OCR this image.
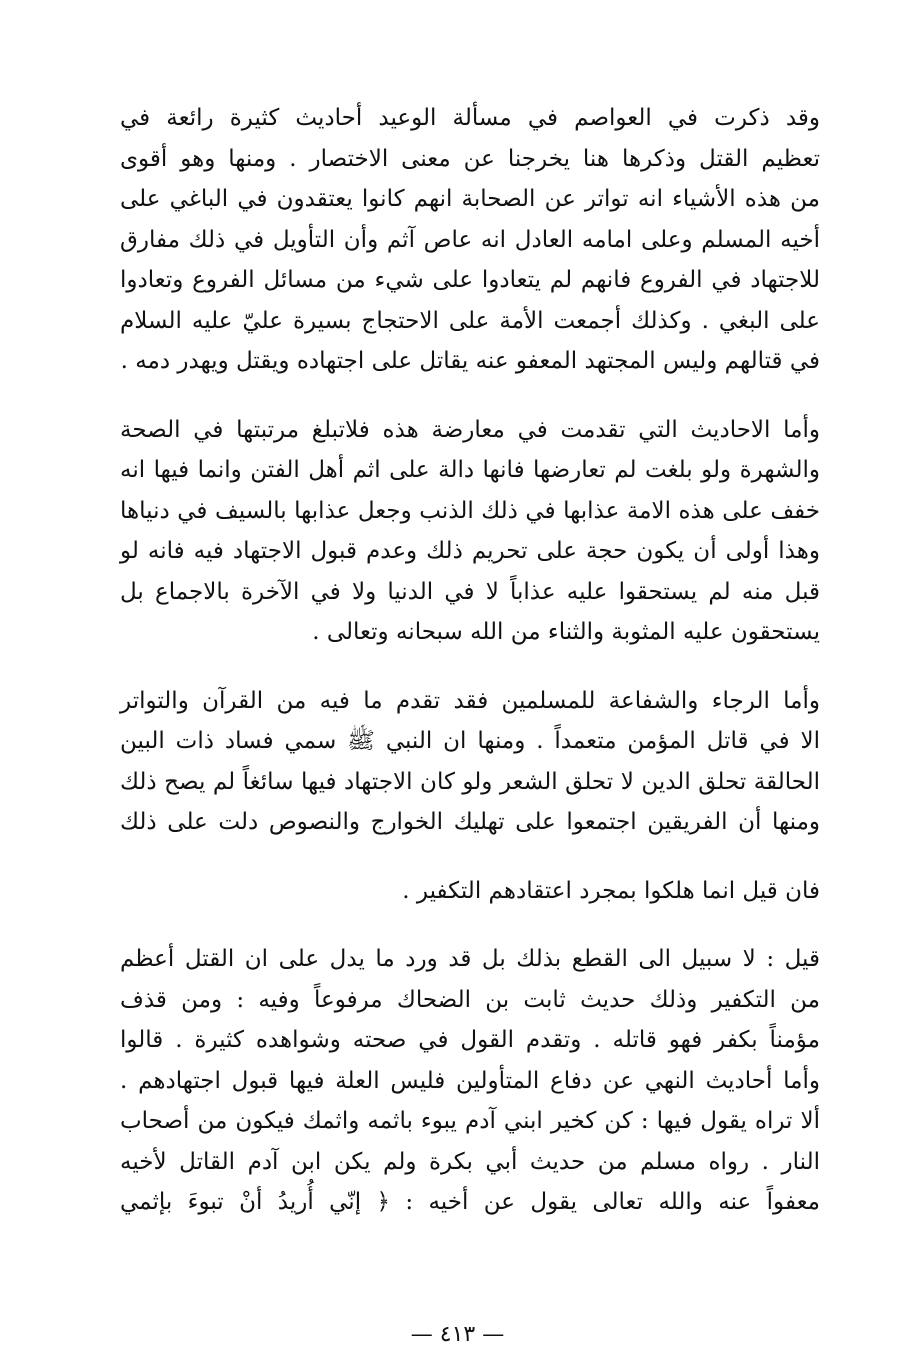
وقد ذكرت في العواصم في مسألة الوعيد أحاديث كثيرة رائعة في
تعظيم القتل وذكرها هنا يخرجنا عن معنى الاختصار . ومنها وهو أقوى
من هذه الأشياء انه تواتر عن الصحابة انهم كانوا يعتقدون في الباغي على
أخيه المسلم وعلى امامه العادل انه عاص آثم وأن التأويل في ذلك مفارق
للاجتهاد في الفروع فانهم لم يتعادوا على شيء من مسائل الفروع وتعادوا
على البغي . وكذلك أجمعت الأمة على الاحتجاج بسيرة عليّ عليه السلام
في قتالهم وليس المجتهد المعفو عنه يقاتل على اجتهاده ويقتل ويهدر دمه .
وأما الاحاديث التي تقدمت في معارضة هذه فلاتبلغ مرتبتها في الصحة
والشهرة ولو بلغت لم تعارضها فانها دالة على اثم أهل الفتن وانما فيها انه
خفف على هذه الامة عذابها في ذلك الذنب وجعل عذابها بالسيف في دنياها
وهذا أولى أن يكون حجة على تحريم ذلك وعدم قبول الاجتهاد فيه فانه لو
قبل منه لم يستحقوا عليه عذاباً لا في الدنيا ولا في الآخرة بالاجماع بل
يستحقون عليه المثوبة والثناء من الله سبحانه وتعالى .
وأما الرجاء والشفاعة للمسلمين فقد تقدم ما فيه من القرآن والتواتر
الا في قاتل المؤمن متعمداً . ومنها ان النبي ﷺ سمي فساد ذات البين
الحالقة تحلق الدين لا تحلق الشعر ولو كان الاجتهاد فيها سائغاً لم يصح ذلك
ومنها أن الفريقين اجتمعوا على تهليك الخوارج والنصوص دلت على ذلك
فان قيل انما هلكوا بمجرد اعتقادهم التكفير .
قيل : لا سبيل الى القطع بذلك بل قد ورد ما يدل على ان القتل أعظم
من التكفير وذلك حديث ثابت بن الضحاك مرفوعاً وفيه : ومن قذف
مؤمناً بكفر فهو قاتله . وتقدم القول في صحته وشواهده كثيرة . قالوا
وأما أحاديث النهي عن دفاع المتأولين فليس العلة فيها قبول اجتهادهم .
ألا تراه يقول فيها : كن كخير ابني آدم يبوء باثمه واثمك فيكون من أصحاب
النار . رواه مسلم من حديث أبي بكرة ولم يكن ابن آدم القاتل لأخيه
معفواً عنه والله تعالى يقول عن أخيه : ﴿ إنّي أُريدُ أنْ تبوءَ بإثمي
— ٤١٣ —
